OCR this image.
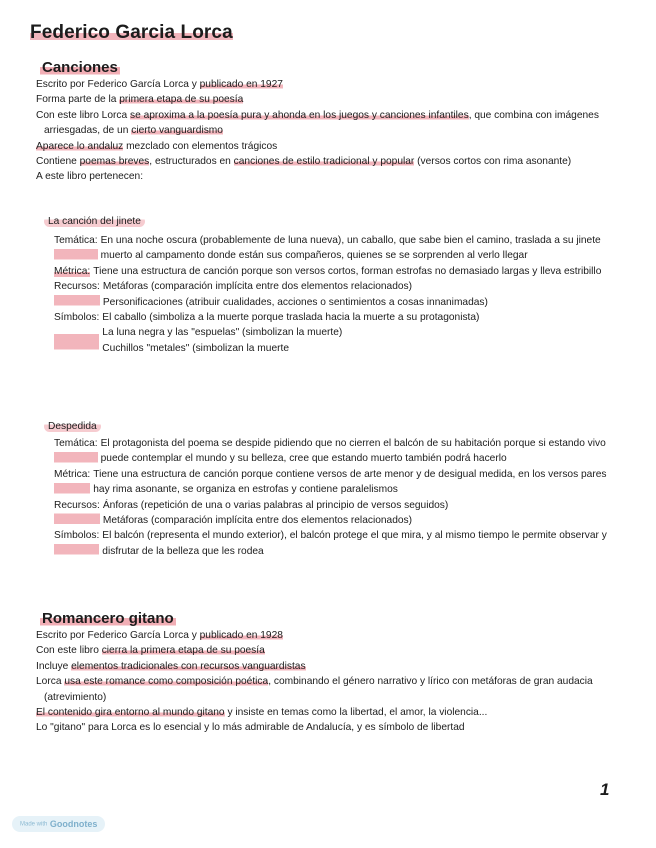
Federico Garcia Lorca
Canciones

Escrito por Federico García Lorca y publicado en 1927

Forma parte de la primera etapa de su poesía

Con este libro Lorca se aproxima a la poesía pura y ahonda en los juegos y canciones infantiles, que combina con imágenes arriesgadas, de un cierto vanguardismo

Aparece lo andaluz mezclado con elementos trágicos

Contiene poemas breves, estructurados en canciones de estilo tradicional y popular (versos cortos con rima asonante)

A este libro pertenecen:

La canción del jinete

Temática: En una noche oscura (probablemente de luna nueva), un caballo, que sabe bien el camino, traslada a su jinete muerto al campamento donde están sus compañeros, quienes se se sorprenden al verlo llegar
Métrica: Tiene una estructura de canción porque son versos cortos, forman estrofas no demasiado largas y lleva estribillo
Recursos: Metáforas (comparación implícita entre dos elementos relacionados)
Personificaciones (atribuir cualidades, acciones o sentimientos a cosas innanimadas)
Símbolos: El caballo (simboliza a la muerte porque traslada hacia la muerte a su protagonista)
La luna negra y las "espuelas" (simbolizan la muerte)
Cuchillos "metales" (simbolizan la muerte

Despedida

Temática: El protagonista del poema se despide pidiendo que no cierren el balcón de su habitación porque si estando vivo puede contemplar el mundo y su belleza, cree que estando muerto también podrá hacerlo
Métrica: Tiene una estructura de canción porque contiene versos de arte menor y de desigual medida, en los versos pares hay rima asonante, se organiza en estrofas y contiene paralelismos
Recursos: Ánforas (repetición de una o varias palabras al principio de versos seguidos)
Metáforas (comparación implícita entre dos elementos relacionados)
Símbolos: El balcón (representa el mundo exterior), el balcón protege el que mira, y al mismo tiempo le permite observar y disfrutar de la belleza que les rodea
Romancero gitano

Escrito por Federico García Lorca y publicado en 1928

Con este libro cierra la primera etapa de su poesía

Incluye elementos tradicionales con recursos vanguardistas

Lorca usa este romance como composición poética, combinando el género narrativo y lírico con metáforas de gran audacia (atrevimiento)

El contenido gira entorno al mundo gitano y insiste en temas como la libertad, el amor, la violencia...

Lo "gitano" para Lorca es lo esencial y lo más admirable de Andalucía, y es símbolo de libertad

1
Made with Goodnotes
